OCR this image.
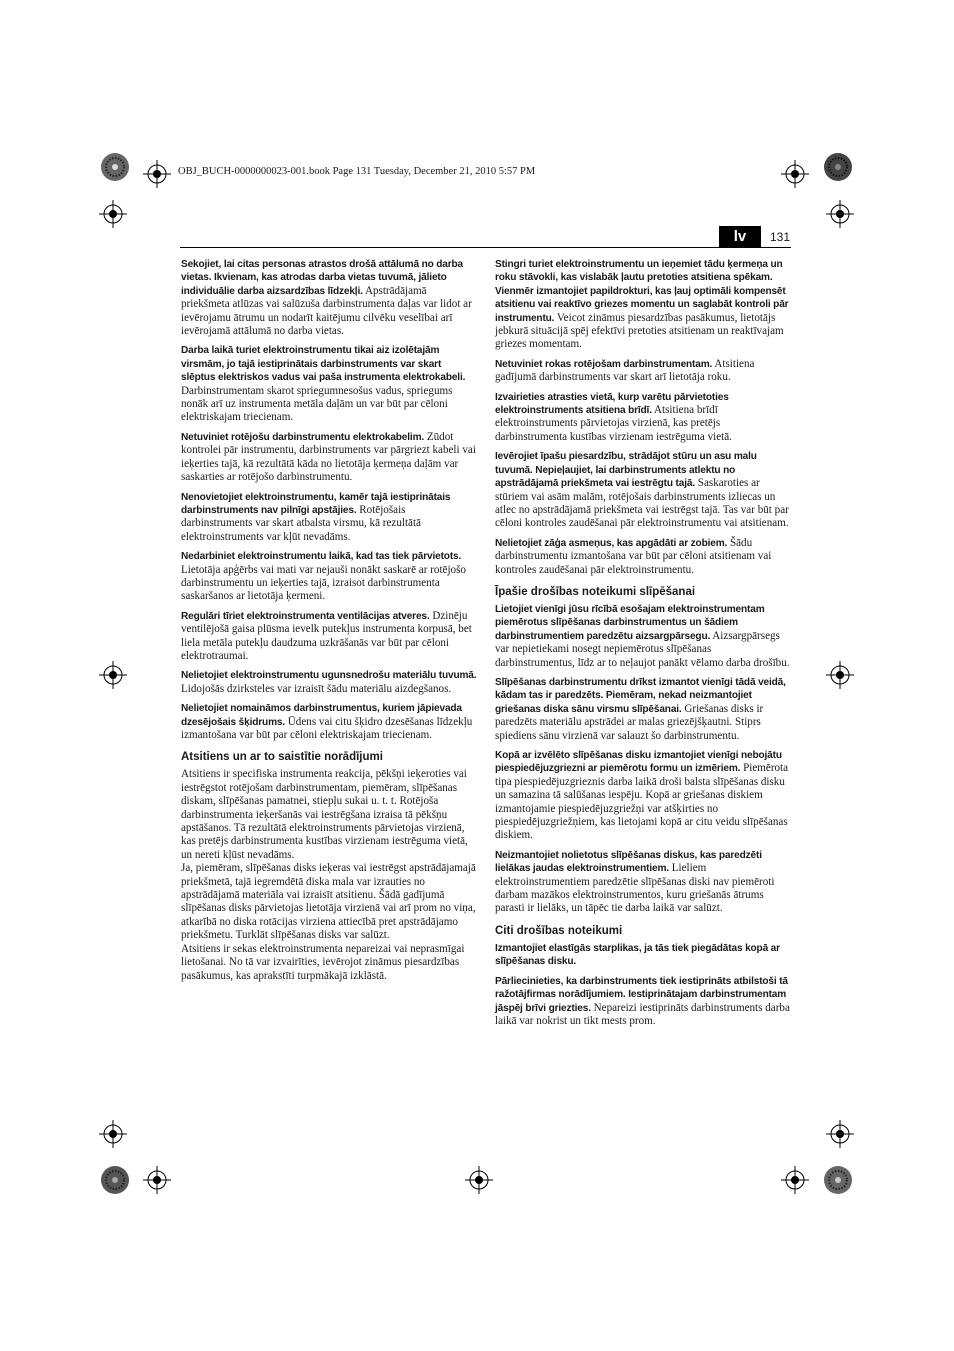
OBJ_BUCH-0000000023-001.book Page 131 Tuesday, December 21, 2010 5:57 PM
lv	131

Sekojiet, lai citas personas atrastos drošā attālumā no darba vietas. Ikvienam, kas atrodas darba vietas tuvumā, jālieto individuālie darba aizsardzības līdzekļi. Apstrādājamā priekšmeta atlūzas vai salūzuša darbinstrumenta daļas var lidot ar ievērojamu ātrumu un nodarīt kaitējumu cilvēku veselībai arī ievērojamā attālumā no darba vietas.

Darba laikā turiet elektroinstrumentu tikai aiz izolētajām virsmām, jo tajā iestiprinātais darbinstruments var skart slēptus elektriskos vadus vai paša instrumenta elektrokabeli. Darbinstrumentam skarot spriegumnesošus vadus, spriegums nonāk arī uz instrumenta metāla daļām un var būt par cēloni elektriskajam triecienam.

Netuviniet rotējošu darbinstrumentu elektrokabelim. Zūdot kontrolei pār instrumentu, darbinstruments var pārgriezt kabeli vai ieķerties tajā, kā rezultātā kāda no lietotāja ķermeņa daļām var saskarties ar rotējošo darbinstrumentu.

Nenovietojiet elektroinstrumentu, kamēr tajā iestiprinātais darbinstruments nav pilnīgi apstājies. Rotējošais darbinstruments var skart atbalsta virsmu, kā rezultātā elektroinstruments var kļūt nevadāms.

Nedarbiniet elektroinstrumentu laikā, kad tas tiek pārvietots. Lietotāja apģērbs vai mati var nejauši nonākt saskarē ar rotējošo darbinstrumentu un ieķerties tajā, izraisot darbinstrumenta saskaršanos ar lietotāja ķermeni.

Regulāri tīriet elektroinstrumenta ventilācijas atveres. Dzinēju ventilējošā gaisa plūsma ievelk putekļus instrumenta korpusā, bet liela metāla putekļu daudzuma uzkrāšanās var būt par cēloni elektrotraumai.

Nelietojiet elektroinstrumentu ugunsnedrošu materiālu tuvumā. Lidojošās dzirksteles var izraisīt šādu materiālu aizdegšanos.

Nelietojiet nomaināmos darbinstrumentus, kuriem jāpievada dzesējošais šķidrums. Ūdens vai citu šķidro dzesēšanas līdzekļu izmantošana var būt par cēloni elektriskajam triecienam.

Atsitiens un ar to saistītie norādījumi

Atsitiens ir specifiska instrumenta reakcija, pēkšņi ieķeroties vai iestrēgstot rotējošam darbinstrumentam, piemēram, slīpēšanas diskam, slīpēšanas pamatnei, stiepļu sukai u. t. t. Rotējoša darbinstrumenta ieķeršanās vai iestrēgšana izraisa tā pēkšņu apstāšanos. Tā rezultātā elektroinstruments pārvietojas virzienā, kas pretējs darbinstrumenta kustības virzienam iestrēguma vietā, un nereti kļūst nevadāms.

Ja, piemēram, slīpēšanas disks ieķeras vai iestrēgst apstrādājamajā priekšmetā, tajā iegremdētā diska mala var izrauties no apstrādājamā materiāla vai izraisīt atsitienu. Šādā gadījumā slīpēšanas disks pārvietojas lietotāja virzienā vai arī prom no viņa, atkarībā no diska rotācijas virziena attiecībā pret apstrādājamo priekšmetu. Turklāt slīpēšanas disks var salūzt.

Atsitiens ir sekas elektroinstrumenta nepareizai vai neprasmīgai lietošanai. No tā var izvairīties, ievērojot zināmus piesardzības pasākumus, kas aprakstīti turpmākajā izklāstā.

Stingri turiet elektroinstrumentu un ieņemiet tādu ķermeņa un roku stāvokli, kas vislabāk ļautu pretoties atsitiena spēkam. Vienmēr izmantojiet papildrokturi, kas ļauj optimāli kompensēt atsitienu vai reaktīvo griezes momentu un saglabāt kontroli pār instrumentu. Veicot zināmus piesardzības pasākumus, lietotājs jebkurā situācijā spēj efektīvi pretoties atsitienam un reaktīvajam griezes momentam.

Netuviniet rokas rotējošam darbinstrumentam. Atsitiena gadījumā darbinstruments var skart arī lietotāja roku.

Izvairieties atrasties vietā, kurp varētu pārvietoties elektroinstruments atsitiena brīdī. Atsitiena brīdī elektroinstruments pārvietojas virzienā, kas pretējs darbinstrumenta kustības virzienam iestrēguma vietā.

Ievērojiet īpašu piesardzību, strādājot stūru un asu malu tuvumā. Nepieļaujiet, lai darbinstruments atlektu no apstrādājamā priekšmeta vai iestrēgtu tajā. Saskaroties ar stūriem vai asām malām, rotējošais darbinstruments izliecas un atlec no apstrādājamā priekšmeta vai iestrēgst tajā. Tas var būt par cēloni kontroles zaudēšanai pār elektroinstrumentu vai atsitienam.

Nelietojiet zāģa asmeņus, kas apgādāti ar zobiem. Šādu darbinstrumentu izmantošana var būt par cēloni atsitienam vai kontroles zaudēšanai pār elektroinstrumentu.

Īpašie drošības noteikumi slīpēšanai

Lietojiet vienīgi jūsu rīcībā esošajam elektroinstrumentam piemērotus slīpēšanas darbinstrumentus un šādiem darbinstrumentiem paredzētu aizsargpārsegu. Aizsargpārsegs var nepietiekami nosegt nepiemērotus slīpēšanas darbinstrumentus, līdz ar to neļaujot panākt vēlamo darba drošību.

Slīpēšanas darbinstrumentu drīkst izmantot vienīgi tādā veidā, kādam tas ir paredzēts. Piemēram, nekad neizmantojiet griešanas diska sānu virsmu slīpēšanai. Griešanas disks ir paredzēts materiālu apstrādei ar malas griezējšķautni. Stiprs spiediens sānu virzienā var salauzt šo darbinstrumentu.

Kopā ar izvēlēto slīpēšanas disku izmantojiet vienīgi nebojātu piespiedējuzgriezni ar piemērotu formu un izmēriem. Piemērota tipa piespiedējuzgrieznis darba laikā droši balsta slīpēšanas disku un samazina tā salūšanas iespēju. Kopā ar griešanas diskiem izmantojamie piespiedējuzgriežņi var atšķirties no piespiedējuzgriežņiem, kas lietojami kopā ar citu veidu slīpēšanas diskiem.

Neizmantojiet nolietotus slīpēšanas diskus, kas paredzēti lielākas jaudas elektroinstrumentiem. Lieliem elektroinstrumentiem paredzētie slīpēšanas diski nav piemēroti darbam mazākos elektroinstrumentos, kuru griešanās ātrums parasti ir lielāks, un tāpēc tie darba laikā var salūzt.

Citi drošības noteikumi

Izmantojiet elastīgās starplikas, ja tās tiek piegādātas kopā ar slīpēšanas disku.

Pārliecinieties, ka darbinstruments tiek iestiprināts atbilstoši tā ražotājfirmas norādījumiem. Iestiprinātajam darbinstrumentam jāspēj brīvi griezties. Nepareizi iestiprināts darbinstruments darba laikā var nokrist un tikt mests prom.
